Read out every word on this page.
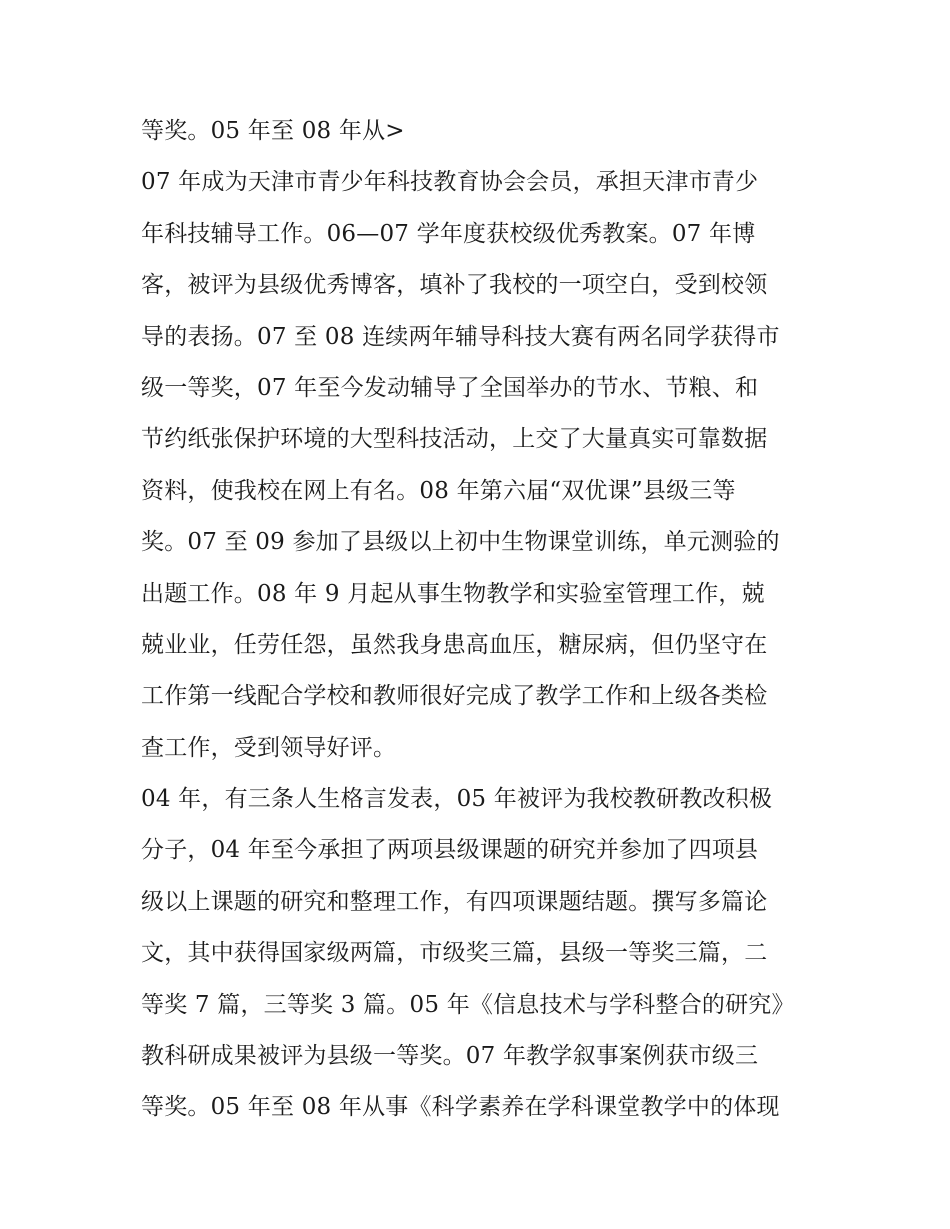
等奖。05 年至 08 年从>
07 年成为天津市青少年科技教育协会会员，承担天津市青少
年科技辅导工作。06—07 学年度获校级优秀教案。07 年博
客，被评为县级优秀博客，填补了我校的一项空白，受到校领
导的表扬。07 至 08 连续两年辅导科技大赛有两名同学获得市
级一等奖，07 年至今发动辅导了全国举办的节水、节粮、和
节约纸张保护环境的大型科技活动，上交了大量真实可靠数据
资料，使我校在网上有名。08 年第六届“双优课”县级三等
奖。07 至 09 参加了县级以上初中生物课堂训练，单元测验的
出题工作。08 年 9 月起从事生物教学和实验室管理工作，兢
兢业业，任劳任怨，虽然我身患高血压，糖尿病，但仍坚守在
工作第一线配合学校和教师很好完成了教学工作和上级各类检
查工作，受到领导好评。
04 年，有三条人生格言发表，05 年被评为我校教研教改积极
分子，04 年至今承担了两项县级课题的研究并参加了四项县
级以上课题的研究和整理工作，有四项课题结题。撰写多篇论
文，其中获得国家级两篇，市级奖三篇，县级一等奖三篇，二
等奖 7 篇，三等奖 3 篇。05 年《信息技术与学科整合的研究》
教科研成果被评为县级一等奖。07 年教学叙事案例获市级三
等奖。05 年至 08 年从事《科学素养在学科课堂教学中的体现
